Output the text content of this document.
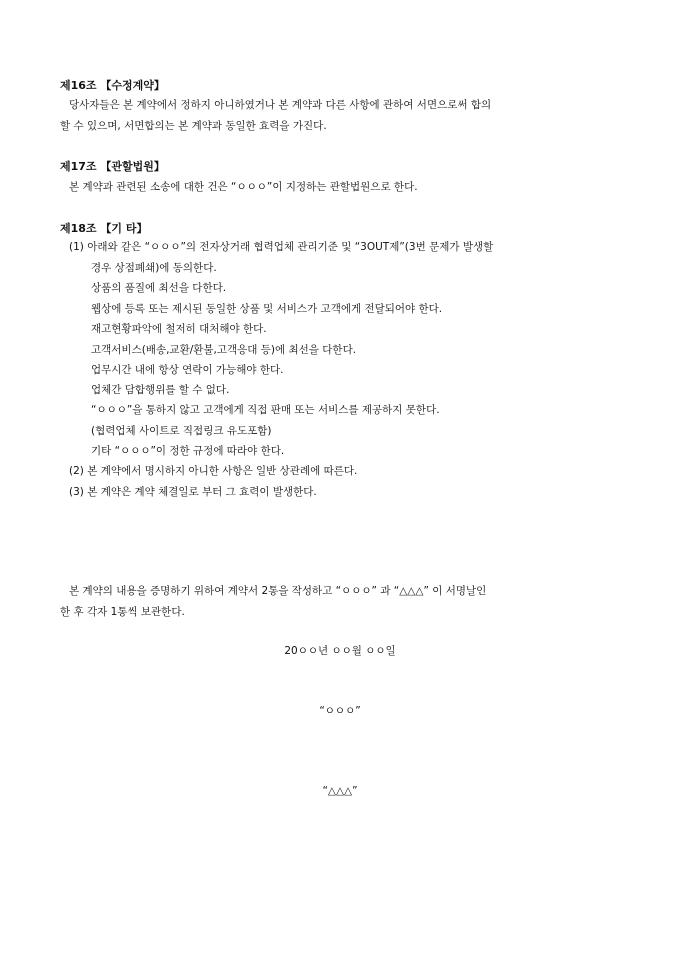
제16조 【수정계약】
당사자들은 본 계약에서 정하지 아니하였거나 본 계약과 다른 사항에 관하여 서면으로써 합의
할 수 있으며, 서면합의는 본 계약과 동일한 효력을 가진다.
제17조 【관할법원】
본 계약과 관련된 소송에 대한 건은 “ㅇㅇㅇ”이 지정하는 관할법원으로 한다.
제18조 【기 타】
(1) 아래와 같은 “ㅇㅇㅇ”의 전자상거래 협력업체 관리기준 및 “3OUT제”(3번 문제가 발생할
경우 상점폐쇄)에 동의한다.
상품의 품질에 최선을 다한다.
웹상에 등록 또는 제시된 동일한 상품 및 서비스가 고객에게 전달되어야 한다.
재고현황파악에 철저히 대처해야 한다.
고객서비스(배송,교환/환불,고객응대 등)에 최선을 다한다.
업무시간 내에 항상 연락이 가능해야 한다.
업체간 담합행위를 할 수 없다.
“ㅇㅇㅇ”을 통하지 않고 고객에게 직접 판매 또는 서비스를 제공하지 못한다.
(협력업체 사이트로 직접링크 유도포함)
기타 “ㅇㅇㅇ”이 정한 규정에 따라야 한다.
(2) 본 계약에서 명시하지 아니한 사항은 일반 상관례에 따른다.
(3) 본 계약은 계약 체결일로 부터 그 효력이 발생한다.
본 계약의 내용을 증명하기 위하여 계약서 2통을 작성하고 “ㅇㅇㅇ” 과 “△△△” 이 서명날인
한 후 각자 1통씩 보관한다.
20ㅇㅇ년 ㅇㅇ월 ㅇㅇ일
“ㅇㅇㅇ”
“△△△”
